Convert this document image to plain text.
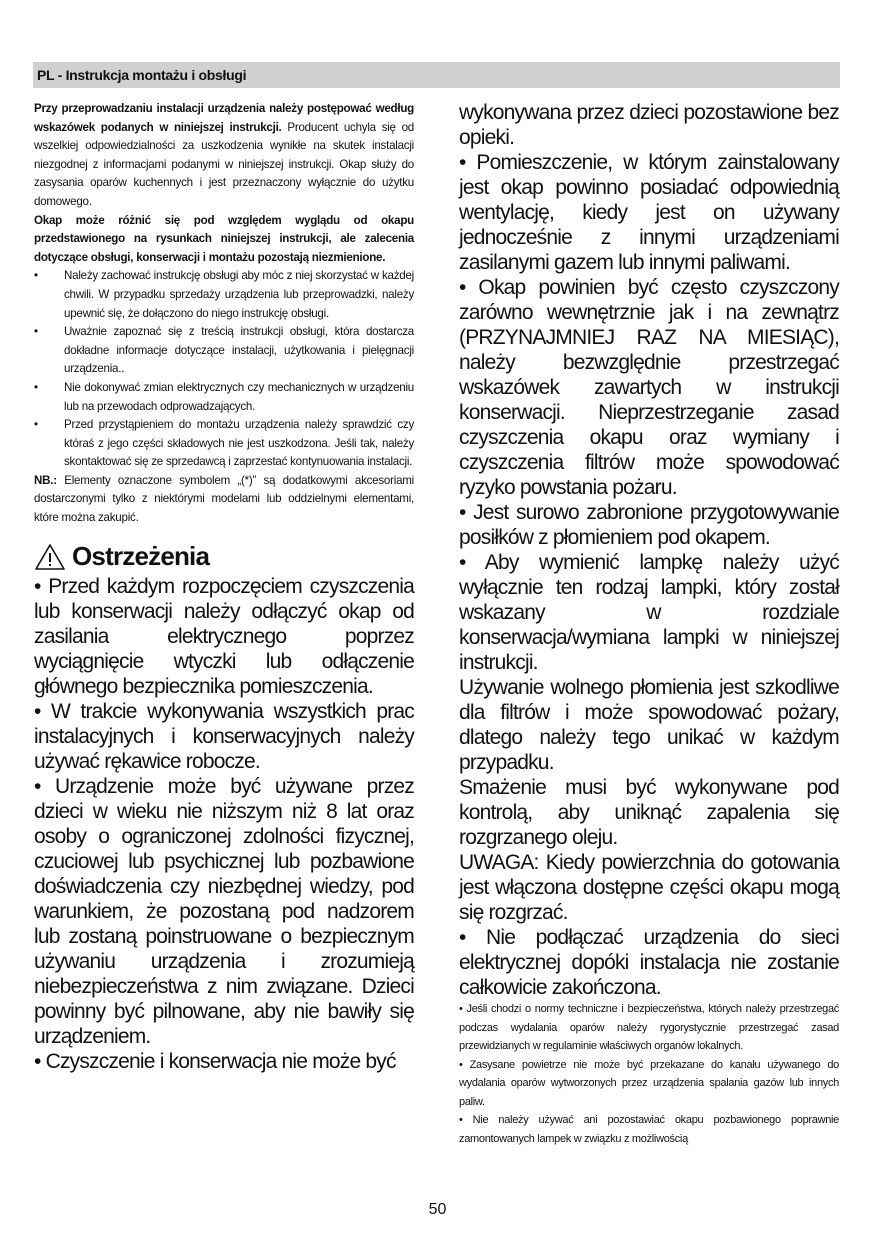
PL - Instrukcja montażu i obsługi

Przy przeprowadzaniu instalacji urządzenia należy postępować według wskazówek podanych w niniejszej instrukcji. Producent uchyla się od wszelkiej odpowiedzialności za uszkodzenia wynikłe na skutek instalacji niezgodnej z informacjami podanymi w niniejszej instrukcji. Okap służy do zasysania oparów kuchennych i jest przeznaczony wyłącznie do użytku domowego.

Okap może różnić się pod względem wyglądu od okapu przedstawionego na rysunkach niniejszej instrukcji, ale zalecenia dotyczące obsługi, konserwacji i montażu pozostają niezmienione.

• Należy zachować instrukcję obsługi aby móc z niej skorzystać w każdej chwili. W przypadku sprzedaży urządzenia lub przeprowadzki, należy upewnić się, że dołączono do niego instrukcję obsługi.
• Uważnie zapoznać się z treścią instrukcji obsługi, która dostarcza dokładne informacje dotyczące instalacji, użytkowania i pielęgnacji urządzenia..
• Nie dokonywać zmian elektrycznych czy mechanicznych w urządzeniu lub na przewodach odprowadzających.
• Przed przystąpieniem do montażu urządzenia należy sprawdzić czy któraś z jego części składowych nie jest uszkodzona. Jeśli tak, należy skontaktować się ze sprzedawcą i zaprzestać kontynuowania instalacji.

NB.: Elementy oznaczone symbolem „(*)” są dodatkowymi akcesoriami dostarczonymi tylko z niektórymi modelami lub oddzielnymi elementami, które można zakupić.

Ostrzeżenia

• Przed każdym rozpoczęciem czyszczenia lub konserwacji należy odłączyć okap od zasilania elektrycznego poprzez wyciągnięcie wtyczki lub odłączenie głównego bezpiecznika pomieszczenia.

• W trakcie wykonywania wszystkich prac instalacyjnych i konserwacyjnych należy używać rękawice robocze.

• Urządzenie może być używane przez dzieci w wieku nie niższym niż 8 lat oraz osoby o ograniczonej zdolności fizycznej, czuciowej lub psychicznej lub pozbawione doświadczenia czy niezbędnej wiedzy, pod warunkiem, że pozostaną pod nadzorem lub zostaną poinstruowane o bezpiecznym używaniu urządzenia i zrozumieją niebezpieczeństwa z nim związane. Dzieci powinny być pilnowane, aby nie bawiły się urządzeniem.

• Czyszczenie i konserwacja nie może być

wykonywana przez dzieci pozostawione bez opieki.

• Pomieszczenie, w którym zainstalowany jest okap powinno posiadać odpowiednią wentylację, kiedy jest on używany jednocześnie z innymi urządzeniami zasilanymi gazem lub innymi paliwami.

• Okap powinien być często czyszczony zarówno wewnętrznie jak i na zewnątrz (PRZYNAJMNIEJ RAZ NA MIESIĄC), należy bezwzględnie przestrzegać wskazówek zawartych w instrukcji konserwacji. Nieprzestrzeganie zasad czyszczenia okapu oraz wymiany i czyszczenia filtrów może spowodować ryzyko powstania pożaru.

• Jest surowo zabronione przygotowywanie posiłków z płomieniem pod okapem.

• Aby wymienić lampkę należy użyć wyłącznie ten rodzaj lampki, który został wskazany w rozdziale konserwacja/wymiana lampki w niniejszej instrukcji.

Używanie wolnego płomienia jest szkodliwe dla filtrów i może spowodować pożary, dlatego należy tego unikać w każdym przypadku.

Smażenie musi być wykonywane pod kontrolą, aby uniknąć zapalenia się rozgrzanego oleju.

UWAGA: Kiedy powierzchnia do gotowania jest włączona dostępne części okapu mogą się rozgrzać.

• Nie podłączać urządzenia do sieci elektrycznej dopóki instalacja nie zostanie całkowicie zakończona.

• Jeśli chodzi o normy techniczne i bezpieczeństwa, których należy przestrzegać podczas wydalania oparów należy rygorystycznie przestrzegać zasad przewidzianych w regulaminie właściwych organów lokalnych.

• Zasysane powietrze nie może być przekazane do kanału używanego do wydalania oparów wytworzonych przez urządzenia spalania gazów lub innych paliw.

• Nie należy używać ani pozostawiać okapu pozbawionego poprawnie zamontowanych lampek w związku z możliwością

50
